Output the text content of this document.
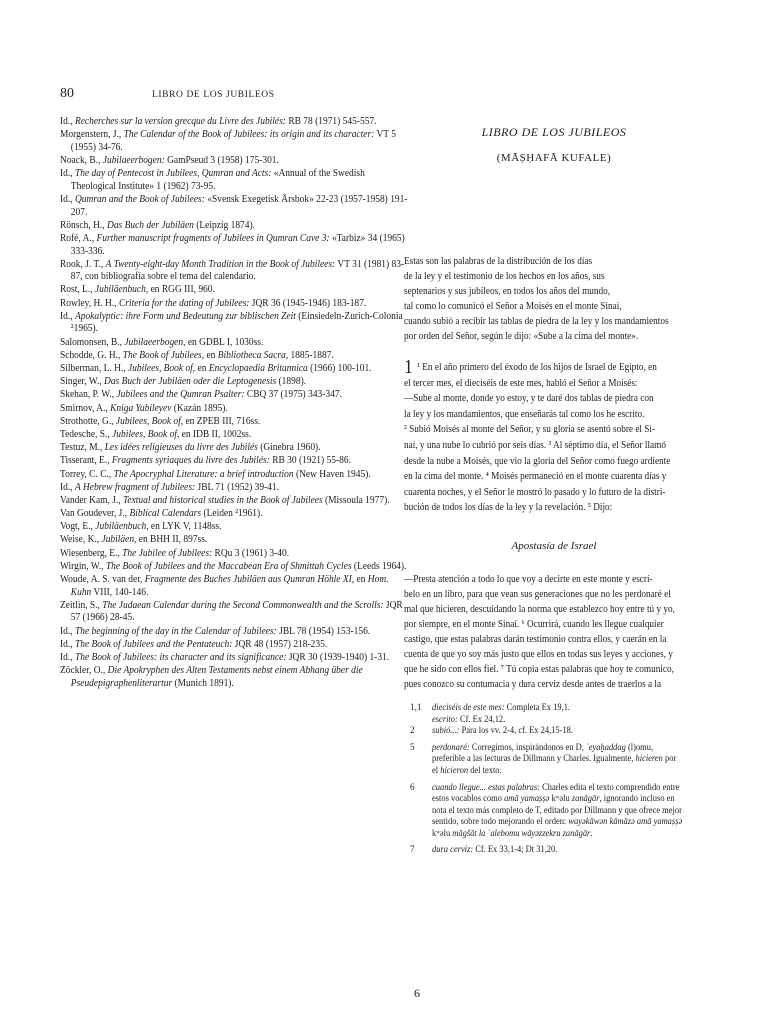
80	LIBRO DE LOS JUBILEOS
Id., Recherches sur la version grecque du Livre des Jubilés: RB 78 (1971) 545-557.
Morgenstern, J., The Calendar of the Book of Jubilees: its origin and its character: VT 5 (1955) 34-76.
Noack, B., Jubilaeerbogen: GamPseud 3 (1958) 175-301.
Id., The day of Pentecost in Jubilees, Qumran and Acts: «Annual of the Swedish Theological Institute» 1 (1962) 73-95.
Id., Qumran and the Book of Jubilees: «Svensk Exegetisk Årsbok» 22-23 (1957-1958) 191-207.
Rönsch, H., Das Buch der Jubiläen (Leipzig 1874).
Rofé, A., Further manuscript fragments of Jubilees in Qumran Cave 3: «Tarbiz» 34 (1965) 333-336.
Rook, J. T., A Twenty-eight-day Month Tradition in the Book of Jubilees: VT 31 (1981) 83-87, con bibliografía sobre el tema del calendario.
Rost, L., Jubiläenbuch, en RGG III, 960.
Rowley, H. H., Criteria for the dating of Jubilees: JQR 36 (1945-1946) 183-187.
Id., Apokalyptic: ihre Form und Bedeutung zur biblischen Zeit (Einsiedeln-Zurich-Colonia ²1965).
Salomonsen, B., Jubilaeerbogen, en GDBL I, 1030ss.
Schodde, G. H., The Book of Jubilees, en Bibliotheca Sacra, 1885-1887.
Silberman, L. H., Jubilees, Book of, en Encyclopaedia Britannica (1966) 100-101.
Singer, W., Das Buch der Jubiläen oder die Leptogenesis (1898).
Skehan, P. W., Jubilees and the Qumran Psalter: CBQ 37 (1975) 343-347.
Smirnov, A., Kniga Yubileyev (Kazán 1895).
Strothotte, G., Jubilees, Book of, en ZPEB III, 716ss.
Tedesche, S., Jubilees, Book of, en IDB II, 1002ss.
Testuz, M., Les idées religieuses du livre des Jubilés (Ginebra 1960).
Tisserant, E., Fragments syriaques du livre des Jubilés: RB 30 (1921) 55-86.
Torrey, C. C., The Apocryphal Literature: a brief introduction (New Haven 1945).
Id., A Hebrew fragment of Jubilees: JBL 71 (1952) 39-41.
Vander Kam, J., Textual and historical studies in the Book of Jubilees (Missoula 1977).
Van Goudever, J., Biblical Calendars (Leiden ²1961).
Vogt, E., Jubiläenbuch, en LYK V, 1148ss.
Weise, K., Jubiläen, en BHH II, 897ss.
Wiesenberg, E., The Jubilee of Jubilees: RQu 3 (1961) 3-40.
Wirgin, W., The Book of Jubilees and the Maccabean Era of Shmittah Cycles (Leeds 1964).
Woude, A. S. van der, Fragmente des Buches Jubiläen aus Qumran Höhle XI, en Hom. Kuhn VIII, 140-146.
Zeitlin, S., The Judaean Calendar during the Second Commonwealth and the Scrolls: JQR 57 (1966) 28-45.
Id., The beginning of the day in the Calendar of Jubilees: JBL 78 (1954) 153-156.
Id., The Book of Jubilees and the Pentateuch: JQR 48 (1957) 218-235.
Id., The Book of Jubilees: its character and its significance: JQR 30 (1939-1940) 1-31.
Zöckler, O., Die Apokryphen des Alten Testaments nebst einem Abhang über die Pseudepigraphenliterartur (Munich 1891).
LIBRO DE LOS JUBILEOS
(MĀṢḤAFĀ KUFALE)
Estas son las palabras de la distribución de los días
de la ley y el testimonio de los hechos en los años, sus
septenarios y sus jubileos, en todos los años del mundo,
tal como lo comunicó el Señor a Moisés en el monte Sinaí,
cuando subió a recibir las tablas de piedra de la ley y los mandamientos
por orden del Señor, según le dijo: «Sube a la cima del monte».
1 ¹ En el año primero del éxodo de los hijos de Israel de Egipto, en
el tercer mes, el dieciséis de este mes, habló el Señor a Moisés:
—Sube al monte, donde yo estoy, y te daré dos tablas de piedra con
la ley y los mandamientos, que enseñarás tal como los he escrito.
² Subió Moisés al monte del Señor, y su gloria se asentó sobre el Si-
naí, y una nube lo cubrió por seis días. ³ Al séptimo día, el Señor llamó
desde la nube a Moisés, que vio la gloria del Señor como fuego ardiente
en la cima del monte. ⁴ Moisés permaneció en el monte cuarenta días y
cuarenta noches, y el Señor le mostró lo pasado y lo futuro de la distri-
bución de todos los días de la ley y la revelación. ⁵ Dijo:
Apostasía de Israel
—Presta atención a todo lo que voy a decirte en este monte y escrí-
belo en un libro, para que vean sus generaciones que no les perdonaré el
mal que hicieren, descuidando la norma que establezco hoy entre tú y yo,
por siempre, en el monte Sinaí. ⁶ Ocurrirá, cuando les llegue cualquier
castigo, que estas palabras darán testimonio contra ellos, y caerán en la
cuenta de que yo soy más justo que ellos en todas sus leyes y acciones, y
que he sido con ellos fiel. ⁷ Tú copia estas palabras que hoy te comunico,
pues conozco su contumacia y dura cerviz desde antes de traerlos a la
1,1	dieciséis de este mes: Completa Ex 19,1.
escrito: Cf. Ex 24,12.
2	subió...: Para los vv. 2-4, cf. Ex 24,15-18.
5	perdonaré: Corregimos, inspirándonos en D, ʾeyaḫaddag (l)omu, preferible a las lecturas de Dillmann y Charles. Igualmente, hicieren por el hicieron del texto.
6	cuando llegue... estas palabras: Charles edita el texto comprendido entre estos vocablos como amā yamaṣṣǝ kʷǝlu zanāgār, ignorando incluso en nota el texto más completo de T, editado por Dillmann y que ofrece mejor sentido, sobre todo mejorando el orden: wayǝkāwǝn kāmāzǝ amā yamaṣṣǝ kʷǝlu māgšāt la ʿalebomu wāyǝzzekru zanāgār.
7	dura cerviz: Cf. Ex 33,1-4; Dt 31,20.
6
